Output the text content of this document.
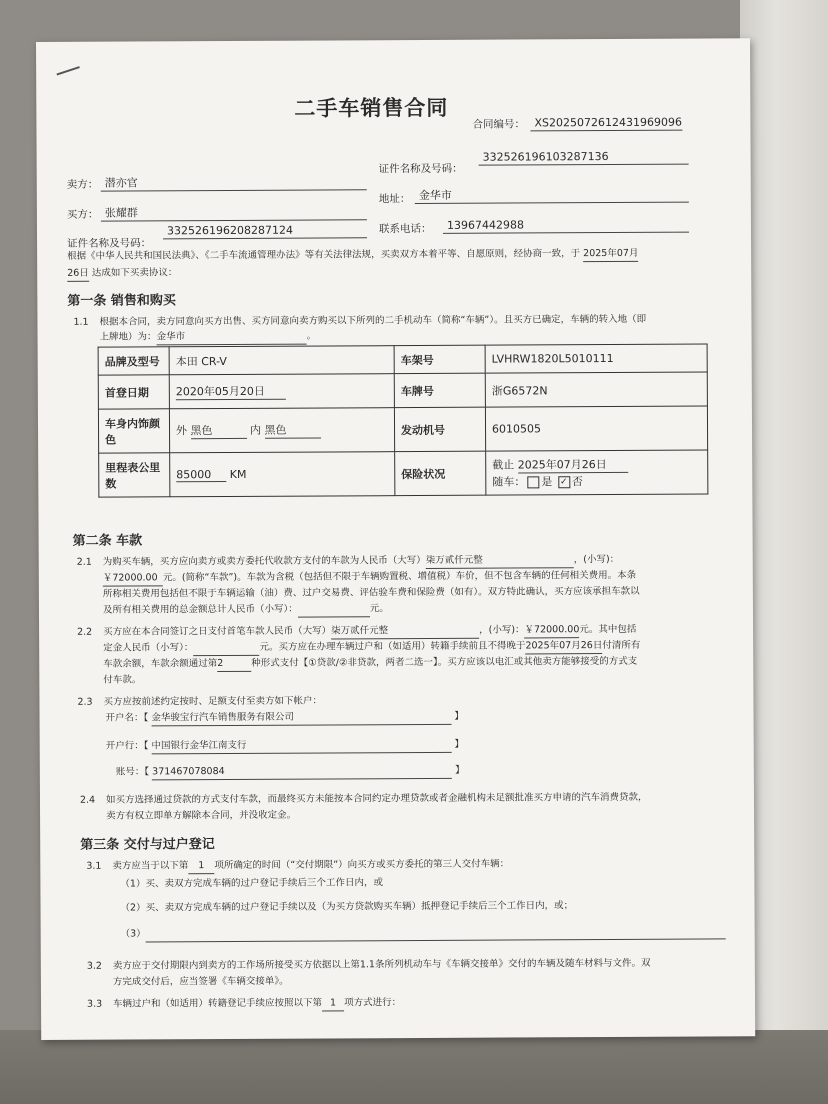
二手车销售合同
合同编号： XS2025072612431969096
卖方： 潜亦官
证件名称及号码：
332526196103287136
买方： 张耀群
地址： 金华市
证件名称及号码：
332526196208287124	联系电话：	13967442988
根据《中华人民共和国民法典》、《二手车流通管理办法》等有关法律法规，买卖双方本着平等、自愿原则，经协商一致，于 2025年07月
26日 达成如下买卖协议：
第一条 销售和购买
1.1 根据本合同，卖方同意向买方出售、买方同意向卖方购买以下所列的二手机动车（简称“车辆”）。且买方已确定，车辆的转入地（即
上牌地）为：金华市	。
品牌及型号	本田 CR-V	车架号	LVHRW1820L5010111
首登日期	2020年05月20日	车牌号	浙G6572N
车身内饰颜色	外 黑色 内 黑色	发动机号	6010505
里程表公里数	85000 KM	保险状况	截止 2025年07月26日
随车： 是 ✓ 否
第二条 车款
2.1 为购买车辆，买方应向卖方或卖方委托代收款方支付的车款为人民币（大写）柒万贰仟元整	，(小写)：
￥72000.00 元。(简称“车款”)。车款为含税（包括但不限于车辆购置税、增值税）车价，但不包含车辆的任何相关费用。本条
所称相关费用包括但不限于车辆运输（油）费、过户交易费、评估验车费和保险费（如有）。双方特此确认，买方应该承担车款以
及所有相关费用的总金额总计人民币（小写）：	元。
2.2 买方应在本合同签订之日支付首笔车款人民币（大写）柒万贰仟元整	，(小写)：￥72000.00元。其中包括
定金人民币（小写）：	元。买方应在办理车辆过户和（如适用）转籍手续前且不得晚于2025年07月26日付清所有
车款余额，车款余额通过第2	种形式支付【①贷款/②非贷款，两者二选一】。买方应该以电汇或其他卖方能够接受的方式支
付车款。
2.3 买方应按前述约定按时、足额支付至卖方如下帐户：
开户名：【 金华骏宝行汽车销售服务有限公司	】
开户行：【 中国银行金华江南支行	】
账号：【 371467078084	】
2.4 如买方选择通过贷款的方式支付车款，而最终买方未能按本合同约定办理贷款或者金融机构未足额批准买方申请的汽车消费贷款，
卖方有权立即单方解除本合同，并没收定金。
第三条 交付与过户登记
3.1 卖方应当于以下第 1 项所确定的时间（“交付期限”）向买方或买方委托的第三人交付车辆：
（1）买、卖双方完成车辆的过户登记手续后三个工作日内，或
（2）买、卖双方完成车辆的过户登记手续以及（为买方贷款购买车辆）抵押登记手续后三个工作日内，或；
（3）
3.2 卖方应于交付期限内到卖方的工作场所接受买方依据以上第1.1条所列机动车与《车辆交接单》交付的车辆及随车材料与文件。双
方完成交付后，应当签署《车辆交接单》。
3.3 车辆过户和（如适用）转籍登记手续应按照以下第 1 项方式进行：
